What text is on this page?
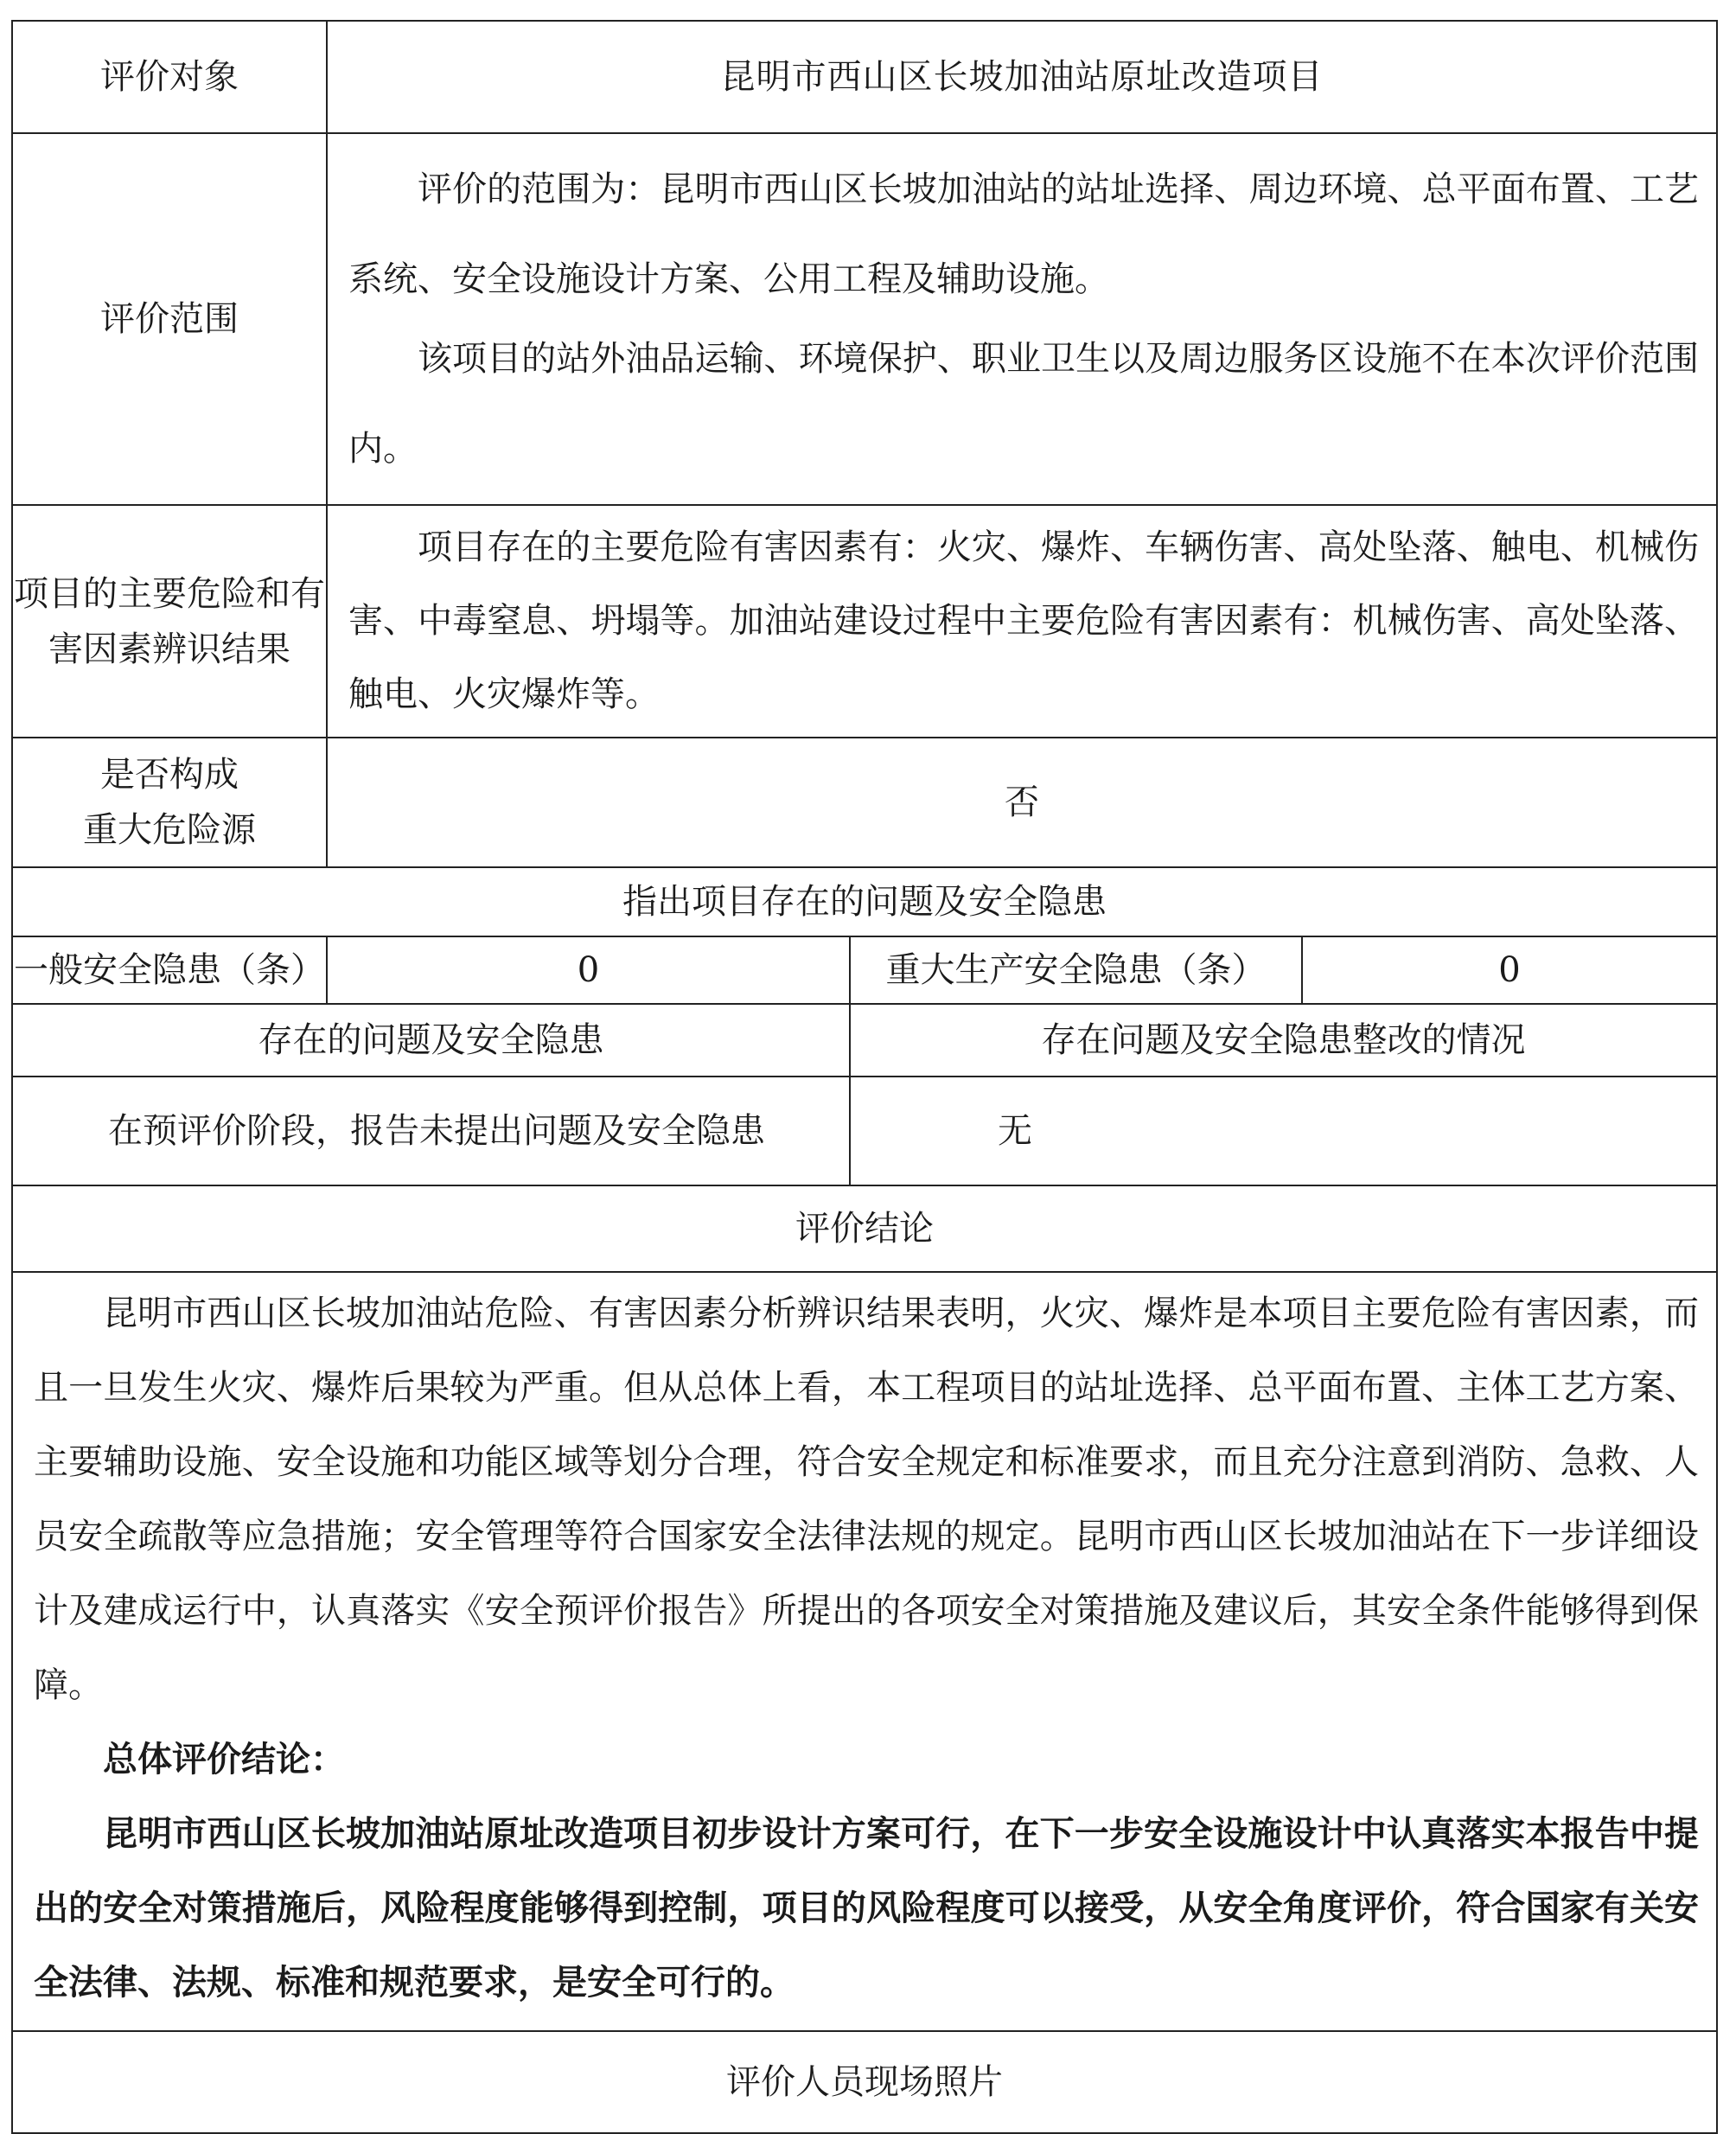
评价对象	昆明市西山区长坡加油站原址改造项目		
评价范围	评价的范围为：昆明市西山区长坡加油站的站址选择、周边环境、总平面布置、工艺系统、安全设施设计方案、公用工程及辅助设施。

该项目的站外油品运输、环境保护、职业卫生以及周边服务区设施不在本次评价范围内。		

项目的主要危险和有害因素辨识结果	项目存在的主要危险有害因素有：火灾、爆炸、车辆伤害、高处坠落、触电、机械伤害、中毒窒息、坍塌等。加油站建设过程中主要危险有害因素有：机械伤害、高处坠落、触电、火灾爆炸等。		

是否构成
重大危险源	否		
指出项目存在的问题及安全隐患			
一般安全隐患（条）	0	重大生产安全隐患（条）	0
存在的问题及安全隐患		存在问题及安全隐患整改的情况	
在预评价阶段，报告未提出问题及安全隐患		无	
评价结论			

昆明市西山区长坡加油站危险、有害因素分析辨识结果表明，火灾、爆炸是本项目主要危险有害因素，而且一旦发生火灾、爆炸后果较为严重。但从总体上看，本工程项目的站址选择、总平面布置、主体工艺方案、主要辅助设施、安全设施和功能区域等划分合理，符合安全规定和标准要求，而且充分注意到消防、急救、人员安全疏散等应急措施；安全管理等符合国家安全法律法规的规定。昆明市西山区长坡加油站在下一步详细设计及建成运行中，认真落实《安全预评价报告》所提出的各项安全对策措施及建议后，其安全条件能够得到保障。

总体评价结论：

昆明市西山区长坡加油站原址改造项目初步设计方案可行，在下一步安全设施设计中认真落实本报告中提出的安全对策措施后，风险程度能够得到控制，项目的风险程度可以接受，从安全角度评价，符合国家有关安全法律、法规、标准和规范要求，是安全可行的。			

评价人员现场照片			
